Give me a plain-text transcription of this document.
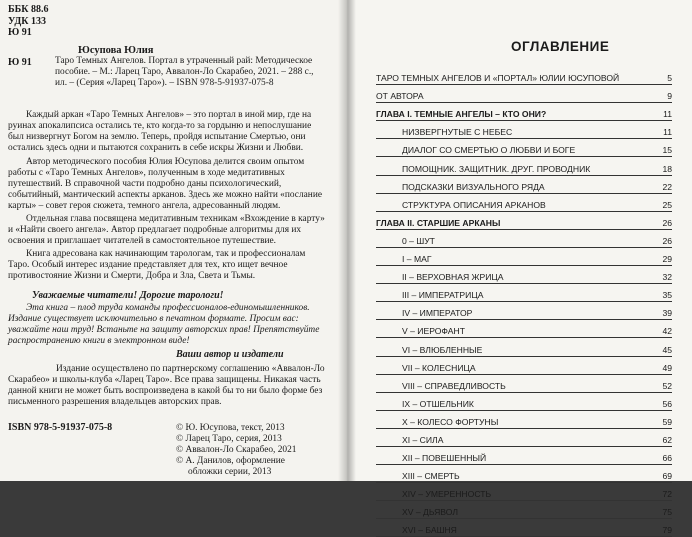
ББК 88.6
УДК 133
Ю 91
Юсупова Юлия
Ю 91 Таро Темных Ангелов. Портал в утраченный рай: Методическое пособие. – М.: Ларец Таро, Аввалон-Ло Скарабео, 2021. – 288 с., ил. – (Серия «Ларец Таро»). – ISBN 978-5-91937-075-8

Каждый аркан «Таро Темных Ангелов» – это портал в иной мир, где на руинах апокалипсиса остались те, кто когда-то за гордыню и непослушание был низвергнут Богом на землю. Теперь, пройдя испытание Смертью, они остались здесь одни и пытаются сохранить в себе искры Жизни и Любви.

Автор методического пособия Юлия Юсупова делится своим опытом работы с «Таро Темных Ангелов», полученным в ходе медитативных путешествий. В справочной части подробно даны психологический, событийный, мантический аспекты арканов. Здесь же можно найти «послание карты» – совет героя сюжета, темного ангела, адресованный людям.

Отдельная глава посвящена медитативным техникам «Вхождение в карту» и «Найти своего ангела». Автор предлагает подробные алгоритмы для их освоения и приглашает читателей в самостоятельное путешествие.

Книга адресована как начинающим тарологам, так и профессионалам Таро. Особый интерес издание представляет для тех, кто ищет вечное противостояние Жизни и Смерти, Добра и Зла, Света и Тьмы.

Уважаемые читатели! Дорогие тарологи!

Эта книга – плод труда команды профессионалов-единомышленников. Издание существует исключительно в печатном формате. Просим вас: уважайте наш труд! Встаньте на защиту авторских прав! Препятствуйте распространению книги в электронном виде!

Ваши автор и издатели

Издание осуществлено по партнерскому соглашению «Аввалон-Ло Скарабео» и школы-клуба «Ларец Таро». Все права защищены. Никакая часть данной книги не может быть воспроизведена в какой бы то ни было форме без письменного разрешения владельцев авторских прав.

ISBN 978-5-91937-075-8	© Ю. Юсупова, текст, 2013
© Ларец Таро, серия, 2013
© Аввалон-Ло Скарабео, 2021
© А. Данилов, оформление
обложки серии, 2013
ОГЛАВЛЕНИЕ
ТАРО ТЕМНЫХ АНГЕЛОВ И «ПОРТАЛ» ЮЛИИ ЮСУПОВОЙ	5
ОТ АВТОРА	9
ГЛАВА I. ТЕМНЫЕ АНГЕЛЫ – КТО ОНИ?	11
НИЗВЕРГНУТЫЕ С НЕБЕС	11
ДИАЛОГ СО СМЕРТЬЮ О ЛЮБВИ И БОГЕ	15
ПОМОЩНИК. ЗАЩИТНИК. ДРУГ. ПРОВОДНИК	18
ПОДСКАЗКИ ВИЗУАЛЬНОГО РЯДА	22
СТРУКТУРА ОПИСАНИЯ АРКАНОВ	25
ГЛАВА II. СТАРШИЕ АРКАНЫ	26
0 – ШУТ	26
I – МАГ	29
II – ВЕРХОВНАЯ ЖРИЦА	32
III – ИМПЕРАТРИЦА	35
IV – ИМПЕРАТОР	39
V – ИЕРОФАНТ	42
VI – ВЛЮБЛЕННЫЕ	45
VII – КОЛЕСНИЦА	49
VIII – СПРАВЕДЛИВОСТЬ	52
IX – ОТШЕЛЬНИК	56
X – КОЛЕСО ФОРТУНЫ	59
XI – СИЛА	62
XII – ПОВЕШЕННЫЙ	66
XIII – СМЕРТЬ	69
XIV – УМЕРЕННОСТЬ	72
XV – ДЬЯВОЛ	75
XVI – БАШНЯ	79
